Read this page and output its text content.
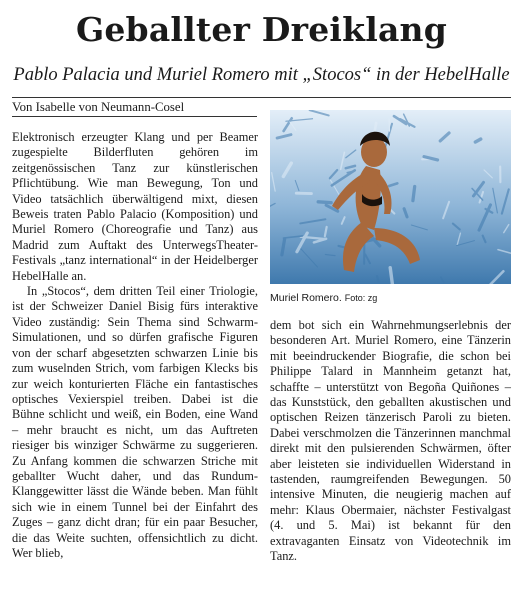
Geballter Dreiklang
Pablo Palacia und Muriel Romero mit „Stocos“ in der HebelHalle
Von Isabelle von Neumann-Cosel

Elektronisch erzeugter Klang und per Beamer zugespielte Bilderfluten gehören im zeitgenössischen Tanz zur künstlerischen Pflichtübung. Wie man Bewegung, Ton und Video tatsächlich überwältigend mixt, diesen Beweis traten Pablo Palacio (Komposition) und Muriel Romero (Choreografie und Tanz) aus Madrid zum Auftakt des UnterwegsTheater-Festivals „tanz international“ in der Heidelberger HebelHalle an.

In „Stocos“, dem dritten Teil einer Triologie, ist der Schweizer Daniel Bisig fürs interaktive Video zuständig: Sein Thema sind Schwarm-Simulationen, und so dürfen grafische Figuren von der scharf abgesetzten schwarzen Linie bis zum wuselnden Strich, vom farbigen Klecks bis zur weich konturierten Fläche ein fantastisches optisches Vexierspiel treiben. Dabei ist die Bühne schlicht und weiß, ein Boden, eine Wand – mehr braucht es nicht, um das Auftreten riesiger bis winziger Schwärme zu suggerieren. Zu Anfang kommen die schwarzen Striche mit geballter Wucht daher, und das Rundum-Klanggewitter lässt die Wände beben. Man fühlt sich wie in einem Tunnel bei der Einfahrt des Zuges – ganz dicht dran; für ein paar Besucher, die das Weite suchten, offensichtlich zu dicht. Wer blieb,

Muriel Romero. Foto: zg

dem bot sich ein Wahrnehmungserlebnis der besonderen Art. Muriel Romero, eine Tänzerin mit beeindruckender Biografie, die schon bei Philippe Talard in Mannheim getanzt hat, schaffte – unterstützt von Begoña Quiñones – das Kunststück, den geballten akustischen und optischen Reizen tänzerisch Paroli zu bieten. Dabei verschmolzen die Tänzerinnen manchmal direkt mit den pulsierenden Schwärmen, öfter aber leisteten sie individuellen Widerstand in tastenden, raumgreifenden Bewegungen. 50 intensive Minuten, die neugierig machen auf mehr: Klaus Obermaier, nächster Festivalgast (4. und 5. Mai) ist bekannt für den extravaganten Einsatz von Videotechnik im Tanz.
